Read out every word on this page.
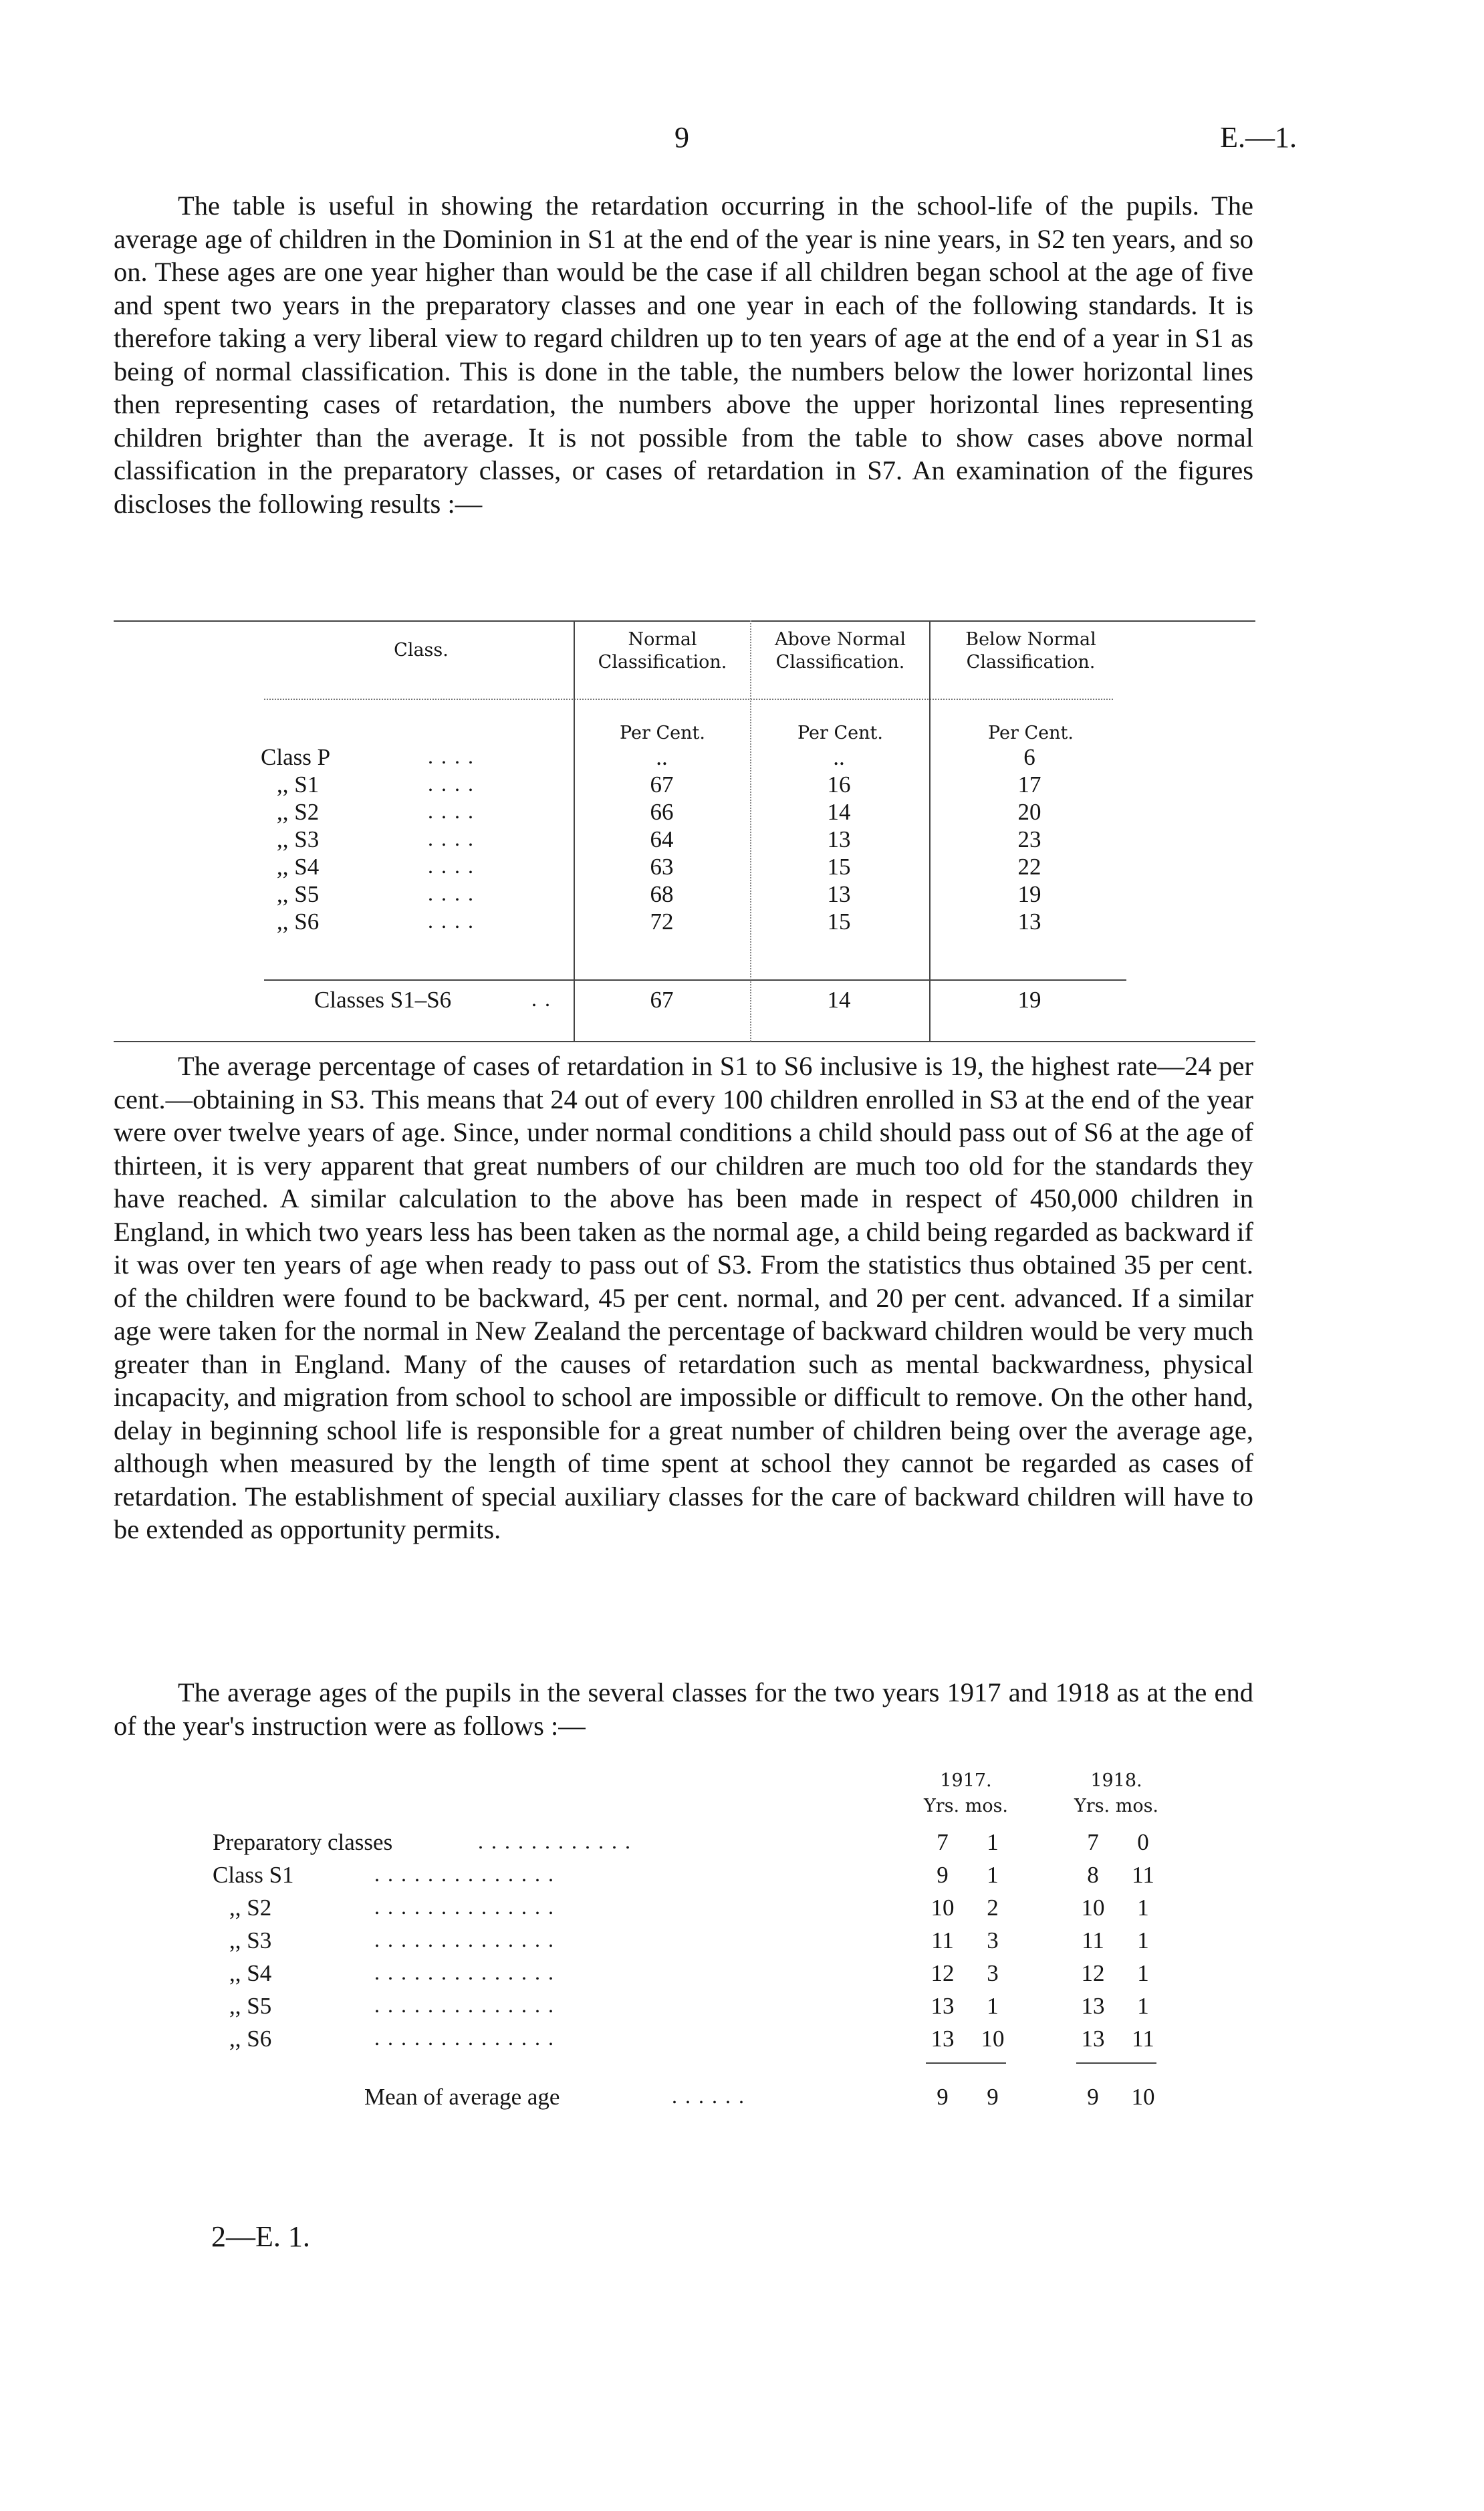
9	E.—1.

The table is useful in showing the retardation occurring in the school-life of the pupils. The average age of children in the Dominion in S1 at the end of the year is nine years, in S2 ten years, and so on. These ages are one year higher than would be the case if all children began school at the age of five and spent two years in the preparatory classes and one year in each of the following standards. It is therefore taking a very liberal view to regard children up to ten years of age at the end of a year in S1 as being of normal classification. This is done in the table, the numbers below the lower horizontal lines then representing cases of retardation, the numbers above the upper horizontal lines representing children brighter than the average. It is not possible from the table to show cases above normal classification in the preparatory classes, or cases of retardation in S7. An examination of the figures discloses the following results :—

Class.
Normal
Classification.
Above Normal
Classification.
Below Normal
Classification.
Per Cent.	Per Cent.	Per Cent.
Class P	. . . .	..	..	6
,, S1	. . . .	67	16	17
,, S2	. . . .	66	14	20
,, S3	. . . .	64	13	23
,, S4	. . . .	63	15	22
,, S5	. . . .	68	13	19
,, S6	. . . .	72	15	13
Classes S1–S6	. .	67	14	19

The average percentage of cases of retardation in S1 to S6 inclusive is 19, the highest rate—24 per cent.—obtaining in S3. This means that 24 out of every 100 children enrolled in S3 at the end of the year were over twelve years of age. Since, under normal conditions a child should pass out of S6 at the age of thirteen, it is very apparent that great numbers of our children are much too old for the standards they have reached. A similar calculation to the above has been made in respect of 450,000 children in England, in which two years less has been taken as the normal age, a child being regarded as backward if it was over ten years of age when ready to pass out of S3. From the statistics thus obtained 35 per cent. of the children were found to be backward, 45 per cent. normal, and 20 per cent. advanced. If a similar age were taken for the normal in New Zealand the percentage of backward children would be very much greater than in England. Many of the causes of retardation such as mental backwardness, physical incapacity, and migration from school to school are impossible or difficult to remove. On the other hand, delay in beginning school life is responsible for a great number of children being over the average age, although when measured by the length of time spent at school they cannot be regarded as cases of retardation. The establishment of special auxiliary classes for the care of backward children will have to be extended as opportunity permits.

The average ages of the pupils in the several classes for the two years 1917 and 1918 as at the end of the year's instruction were as follows :—

1917.
Yrs. mos.
1918.
Yrs. mos.
Preparatory classes	. . . . . . . . . . . .	7	1	7	0
Class S1	. . . . . . . . . . . . . .	9	1	8	11
,, S2	. . . . . . . . . . . . . .	10	2	10	1
,, S3	. . . . . . . . . . . . . .	11	3	11	1
,, S4	. . . . . . . . . . . . . .	12	3	12	1
,, S5	. . . . . . . . . . . . . .	13	1	13	1
,, S6	. . . . . . . . . . . . . .	13	10	13	11
Mean of average age	. . . . . .	9	9	9	10
2—E. 1.
